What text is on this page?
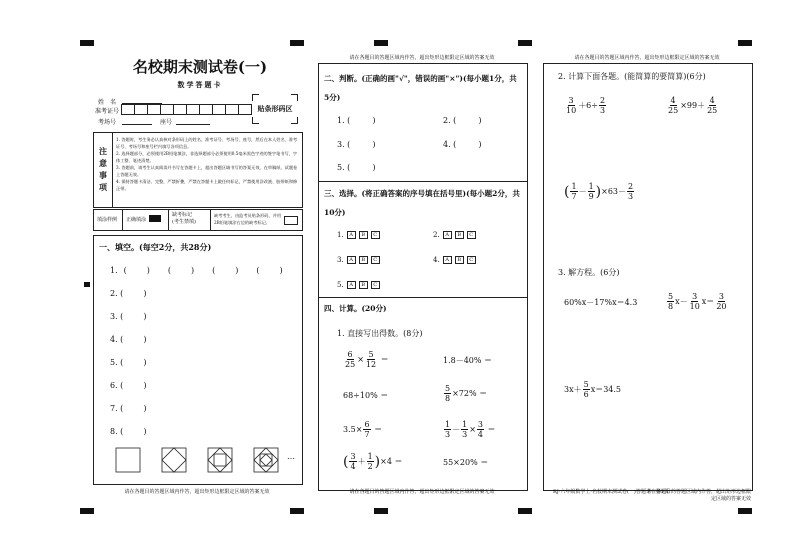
名校期末测试卷(一)
数学答题卡
姓　名
准考证号
考场号	座号
贴条形码区
注意事项
1. 答题时，考生务必认真核对条形码上的姓名、准考证号、考场号、座号，然后在本人姓名、准考证号、考场号和座号栏内填写各项信息。
2. 选择题部分，必须使用2B铅笔填涂，非选择题部分必须使用0.5毫米黑色字迹的签字笔书写，字体工整、笔迹清楚。
3. 答题前，请考生认真阅读并书写在答题卡上，超出答题区域书写的答案无效，在草稿纸、试题卷上答题无效。
4. 保持答题卡清洁、完整，严禁折叠，严禁在答题卡上做任何标记，严禁使用涂改液、胶带纸和修正带。
填涂样例 正确填涂
缺考标记
(考生禁填)
缺考考生，由监考员贴条形码，并用2B铅笔填涂右边的缺考标记。
一、填空。(每空2分，共28分)
1. (	) (	) (	) (	)
2. (	)
3. (	)
4. (	)
5. (	)
6. (	)
7. (	)
8. (	)
…
请在各题目的答题区域内作答，超出矩形边框限定区域的答案无效
请在各题目的答题区域内作答，超出矩形边框限定区域的答案无效
二、判断。(正确的画"√"，错误的画"×")(每小题1分，共5分)
1. (	)	2. (	)
3. (	)	4. (	)
5. (	)
三、选择。(将正确答案的序号填在括号里)(每小题2分，共10分)
1.	A	B	C	2.	A	B	C
3.	A	B	C	4.	A	B	C
5.	A	B	C
四、计算。(20分)
1. 直接写出得数。(8分)
$\frac{6}{25} \times \frac{5}{12}$ ＝	1.8－40% ＝
68÷10% ＝	$\frac{5}{8} \times 72\%$ ＝
$3.5\times \frac{6}{7}$ ＝	$\frac{1}{3} - \frac{1}{3} \times \frac{3}{4}$ ＝
( $\frac{3}{4} + \frac{1}{2}$ ) ×4 ＝	55×20% ＝
请在各题目的答题区域内作答，超出矩形边框限定区域的答案无效
请在各题目的答题区域内作答，超出矩形边框限定区域的答案无效
2. 计算下面各题。(能简算的要简算)(6分)
$\frac{3}{10} +6\div \frac{2}{3}$	$\frac{4}{25} \times 99+ \frac{4}{25}$
( $\frac{1}{7} - \frac{1}{9}$ ) $\times 63- \frac{2}{3}$
3. 解方程。(6分)
60%x－17%x＝4.3	$\frac{5}{8} x- \frac{3}{10} x= \frac{3}{20}$
$3x+ \frac{5}{6} x=34.5$
RJ·六年级数学上·名校期末测试卷(一)答题卡　第1页
请在各题目的答题区域内作答，超出矩形边框限定区域的答案无效
